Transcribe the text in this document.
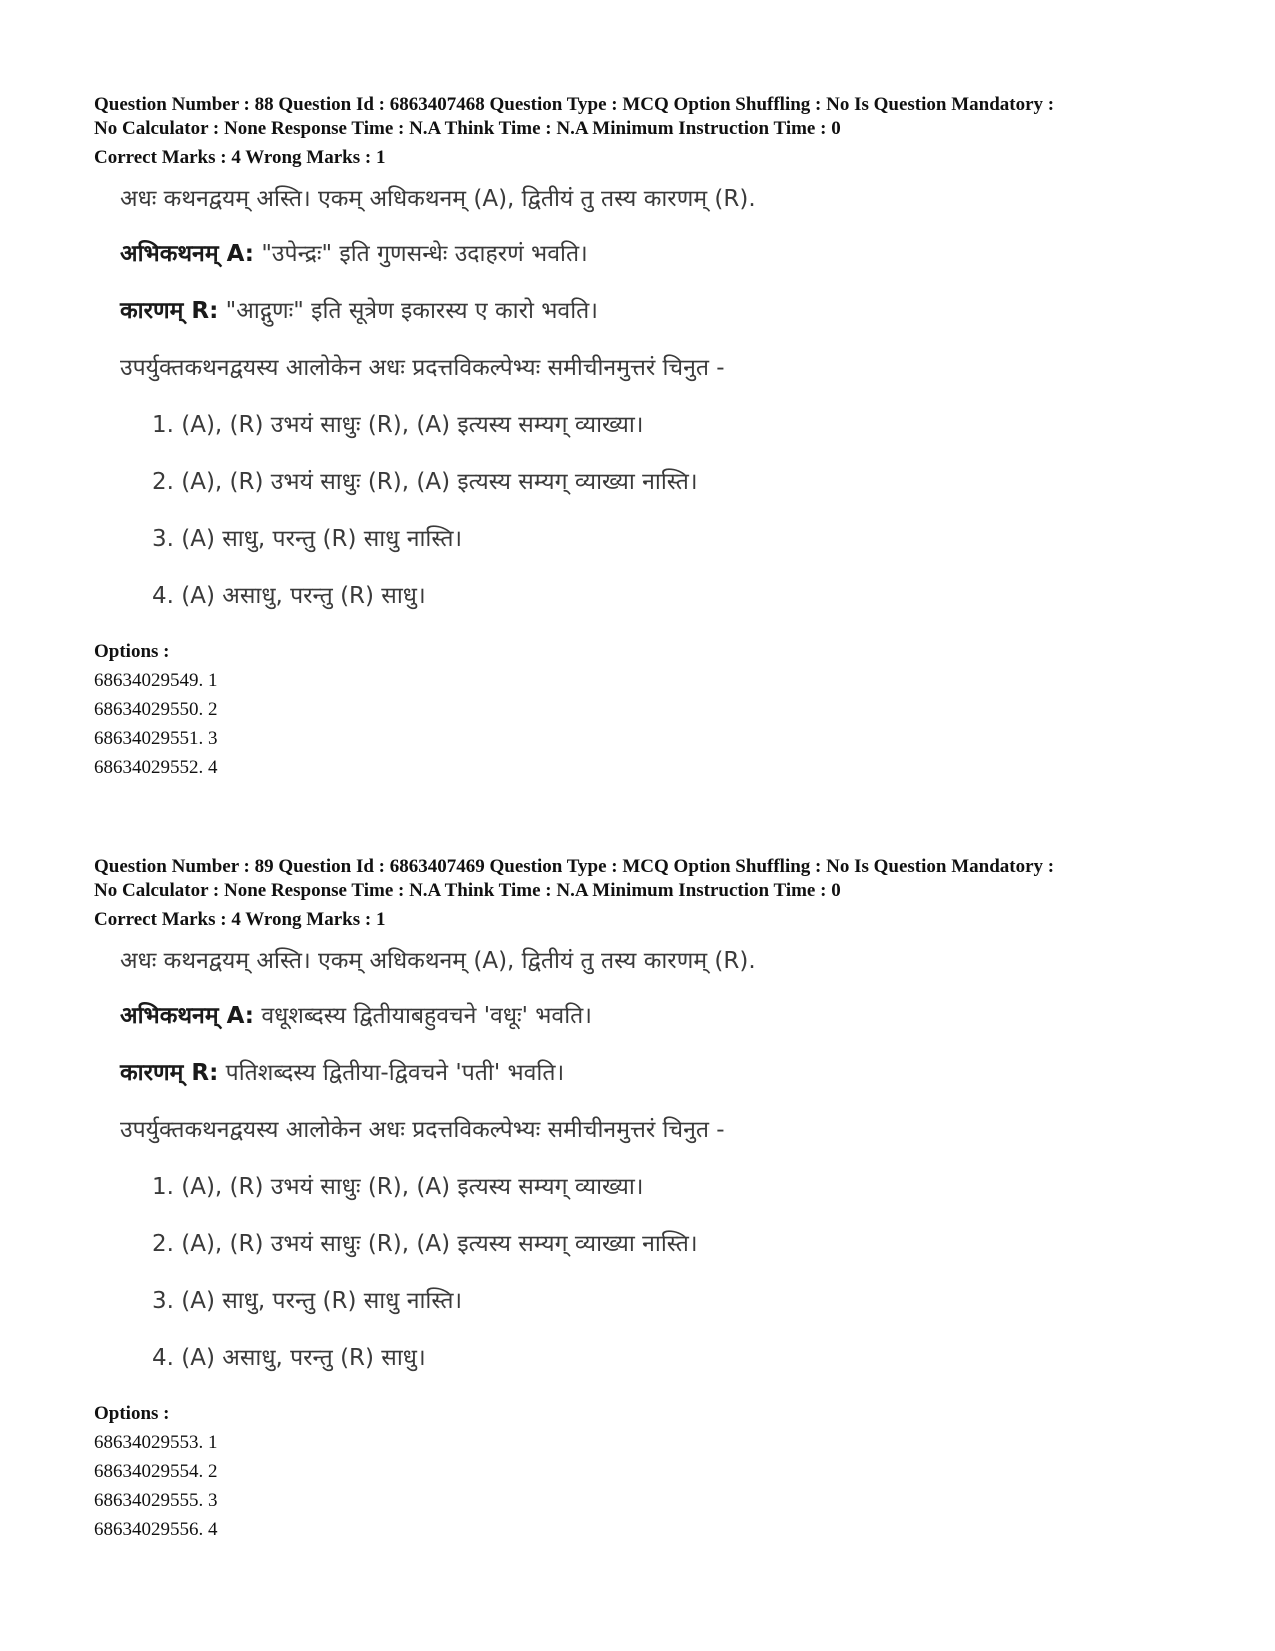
Question Number : 88 Question Id : 6863407468 Question Type : MCQ Option Shuffling : No Is Question Mandatory :

No Calculator : None Response Time : N.A Think Time : N.A Minimum Instruction Time : 0

Correct Marks : 4 Wrong Marks : 1

अधः कथनद्वयम् अस्ति। एकम् अधिकथनम् (A), द्वितीयं तु तस्य कारणम् (R).
अभिकथनम् A: "उपेन्द्रः" इति गुणसन्धेः उदाहरणं भवति।
कारणम् R: "आद्गुणः" इति सूत्रेण इकारस्य ए कारो भवति।
उपर्युक्तकथनद्वयस्य आलोकेन अधः प्रदत्तविकल्पेभ्यः समीचीनमुत्तरं चिनुत -
1. (A), (R) उभयं साधुः (R), (A) इत्यस्य सम्यग् व्याख्या।
2. (A), (R) उभयं साधुः (R), (A) इत्यस्य सम्यग् व्याख्या नास्ति।
3. (A) साधु, परन्तु (R) साधु नास्ति।
4. (A) असाधु, परन्तु (R) साधु।
Options :
68634029549. 1
68634029550. 2
68634029551. 3
68634029552. 4

Question Number : 89 Question Id : 6863407469 Question Type : MCQ Option Shuffling : No Is Question Mandatory :

No Calculator : None Response Time : N.A Think Time : N.A Minimum Instruction Time : 0

Correct Marks : 4 Wrong Marks : 1

अधः कथनद्वयम् अस्ति। एकम् अधिकथनम् (A), द्वितीयं तु तस्य कारणम् (R).
अभिकथनम् A: वधूशब्दस्य द्वितीयाबहुवचने 'वधूः' भवति।
कारणम् R: पतिशब्दस्य द्वितीया-द्विवचने 'पती' भवति।
उपर्युक्तकथनद्वयस्य आलोकेन अधः प्रदत्तविकल्पेभ्यः समीचीनमुत्तरं चिनुत -
1. (A), (R) उभयं साधुः (R), (A) इत्यस्य सम्यग् व्याख्या।
2. (A), (R) उभयं साधुः (R), (A) इत्यस्य सम्यग् व्याख्या नास्ति।
3. (A) साधु, परन्तु (R) साधु नास्ति।
4. (A) असाधु, परन्तु (R) साधु।
Options :
68634029553. 1
68634029554. 2
68634029555. 3
68634029556. 4
